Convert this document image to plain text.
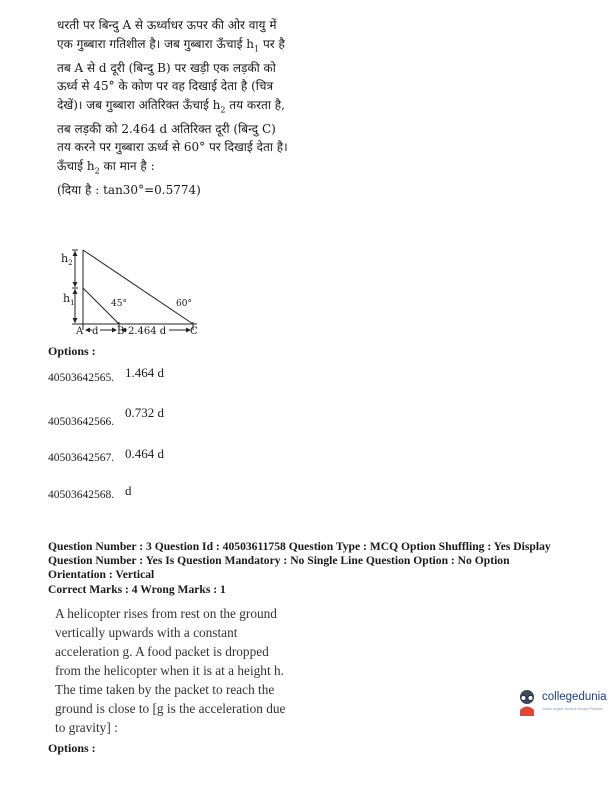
धरती पर बिन्दु A से ऊर्ध्वाधर ऊपर की ओर वायु में

एक गुब्बारा गतिशील है। जब गुब्बारा ऊँचाई $h_1$ पर है

तब A से d दूरी (बिन्दु B) पर खड़ी एक लड़की को

ऊर्ध्व से 45° के कोण पर वह दिखाई देता है (चित्र

देखें)। जब गुब्बारा अतिरिक्त ऊँचाई $h_2$ तय करता है,

तब लड़की को 2.464 d अतिरिक्त दूरी (बिन्दु C)

तय करने पर गुब्बारा ऊर्ध्व से 60° पर दिखाई देता है।

ऊँचाई $h_2$ का मान है :

(दिया है : tan30°=0.5774)

$h_2$
$h_1$	45°	60°
A d B 2.464 d C
Options :
40503642565. 1.464 d
40503642566.
0.732 d
40503642567. 0.464 d
40503642568. d
Question Number : 3 Question Id : 40503611758 Question Type : MCQ Option Shuffling : Yes Display
Question Number : Yes Is Question Mandatory : No Single Line Question Option : No Option
Orientation : Vertical
Correct Marks : 4 Wrong Marks : 1

A helicopter rises from rest on the ground

vertically upwards with a constant

acceleration g. A food packet is dropped

from the helicopter when it is at a height h.

The time taken by the packet to reach the

ground is close to [g is the acceleration due

to gravity] :

Options :
collegedunia
India's largest Student Review Platform
